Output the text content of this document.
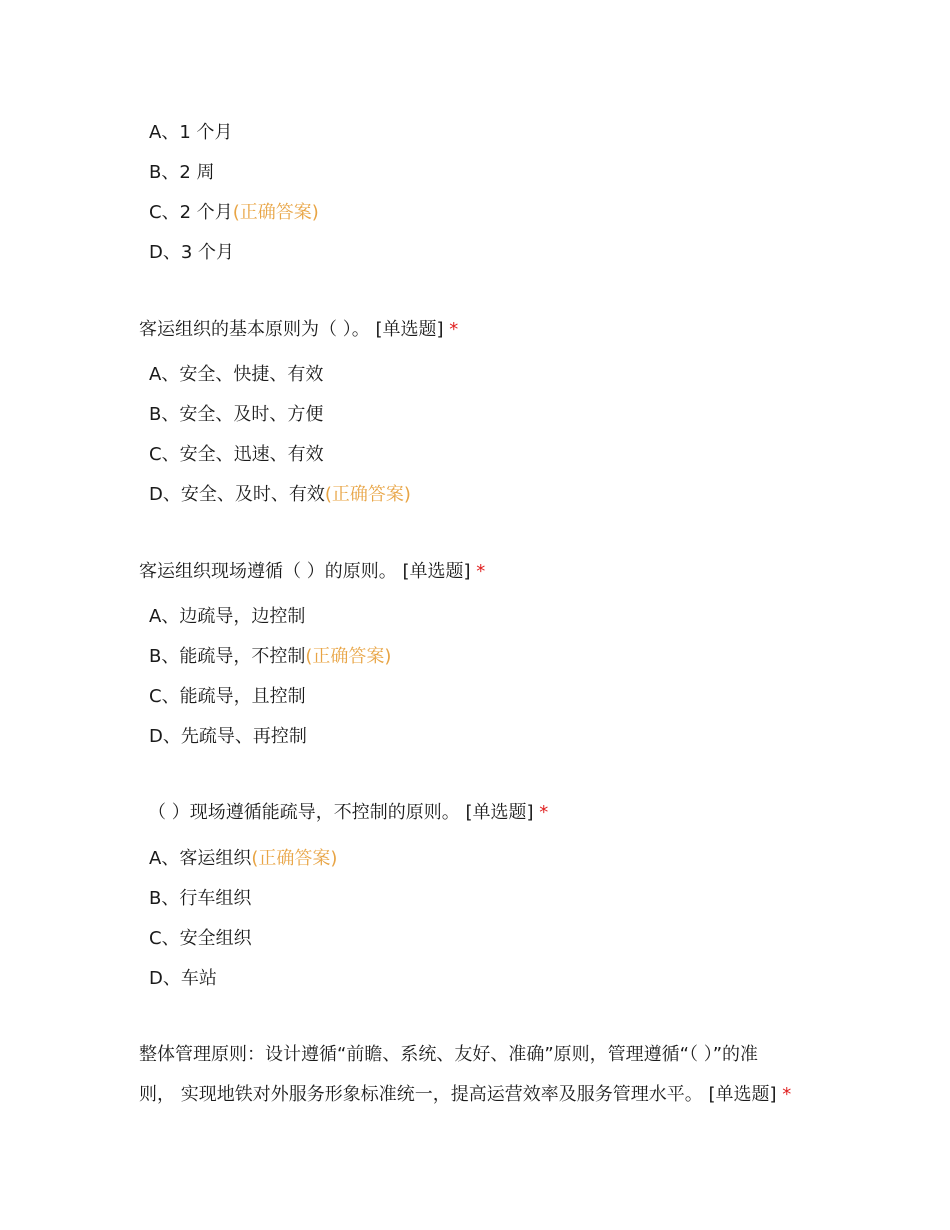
A、1 个月
B、2 周
C、2 个月(正确答案)
D、3 个月
客运组织的基本原则为（ ）。 [单选题] *
A、安全、快捷、有效
B、安全、及时、方便
C、安全、迅速、有效
D、安全、及时、有效(正确答案)
客运组织现场遵循（ ）的原则。 [单选题] *
A、边疏导，边控制
B、能疏导，不控制(正确答案)
C、能疏导，且控制
D、先疏导、再控制
（ ）现场遵循能疏导，不控制的原则。 [单选题] *
A、客运组织(正确答案)
B、行车组织
C、安全组织
D、车站
整体管理原则：设计遵循“前瞻、系统、友好、准确”原则，管理遵循“（ ）”的准
则， 实现地铁对外服务形象标准统一，提高运营效率及服务管理水平。 [单选题] *
